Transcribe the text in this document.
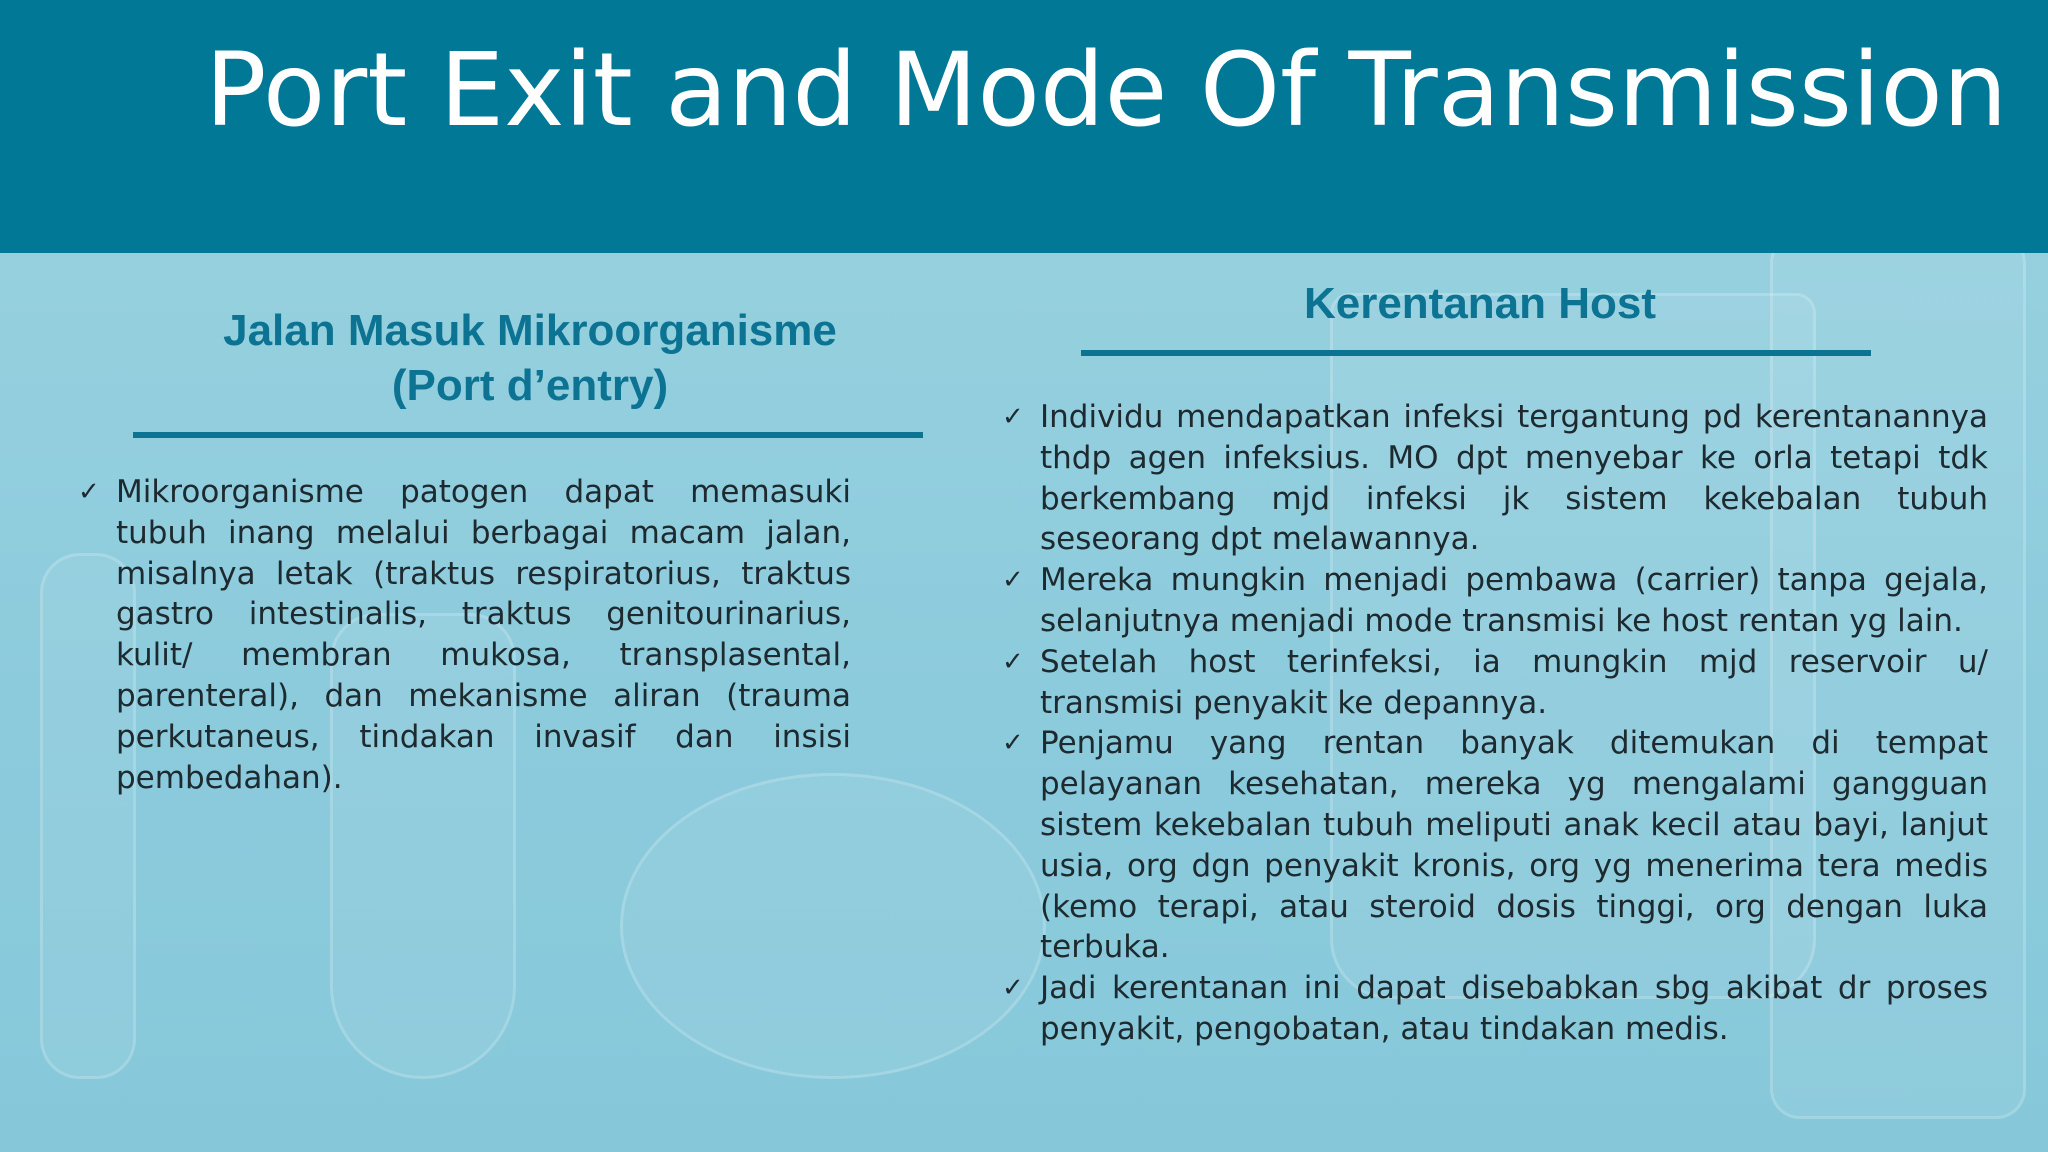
Port Exit and Mode Of Transmission
Jalan Masuk Mikroorganisme
(Port d’entry)
✓ Mikroorganisme patogen dapat memasuki tubuh inang melalui berbagai macam jalan, misalnya letak (traktus respiratorius, traktus gastro intestinalis, traktus genitourinarius, kulit/ membran mukosa, transplasental, parenteral), dan mekanisme aliran (trauma perkutaneus, tindakan invasif dan insisi pembedahan).
Kerentanan Host
✓ Individu mendapatkan infeksi tergantung pd kerentanannya thdp agen infeksius. MO dpt menyebar ke orla tetapi tdk berkembang mjd infeksi jk sistem kekebalan tubuh seseorang dpt melawannya.
✓ Mereka mungkin menjadi pembawa (carrier) tanpa gejala, selanjutnya menjadi mode transmisi ke host rentan yg lain.
✓ Setelah host terinfeksi, ia mungkin mjd reservoir u/ transmisi penyakit ke depannya.
✓ Penjamu yang rentan banyak ditemukan di tempat pelayanan kesehatan, mereka yg mengalami gangguan sistem kekebalan tubuh meliputi anak kecil atau bayi, lanjut usia, org dgn penyakit kronis, org yg menerima tera medis (kemo terapi, atau steroid dosis tinggi, org dengan luka terbuka.
✓ Jadi kerentanan ini dapat disebabkan sbg akibat dr proses penyakit, pengobatan, atau tindakan medis.
